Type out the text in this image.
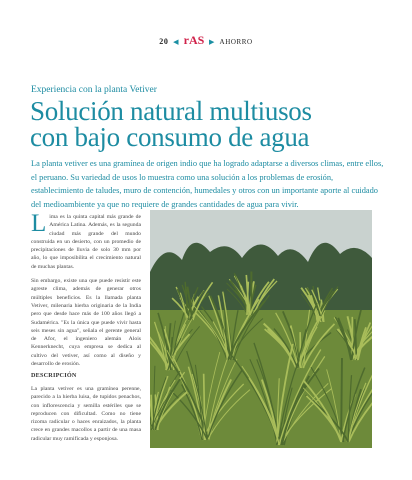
20 ◀ rAS ▶ AHORRO
Experiencia con la planta Vetiver
Solución natural multiusos
con bajo consumo de agua
La planta vetiver es una gramínea de origen indio que ha logrado adaptarse a diversos climas, entre ellos, el peruano. Su variedad de usos lo muestra como una solución a los problemas de erosión, establecimiento de taludes, muro de contención, humedales y otros con un importante aporte al cuidado del medioambiente ya que no requiere de grandes cantidades de agua para vivir.

Lima es la quinta capital más grande de América Latina. Además, es la segunda ciudad más grande del mundo construida en un desierto, con un promedio de precipitaciones de lluvia de solo 30 mm por año, lo que imposibilita el crecimiento natural de muchas plantas.

Sin embargo, existe una que puede resistir este agreste clima, además de generar otros múltiples beneficios. Es la llamada planta Vetiver, milenaria hierba originaria de la India pero que desde hace más de 100 años llegó a Sudamérica. "Es la única que puede vivir hasta seis meses sin agua", señala el gerente general de Afor, el ingeniero alemán Alois Kennerknecht, cuya empresa se dedica al cultivo del vetiver, así como al diseño y desarrollo de erosión.

DESCRIPCIÓN

La planta vetiver es una gramínea perenne, parecido a la hierba luisa, de tupidos penachos, con inflorescencia y semilla estériles que se reproducen con dificultad. Como no tiene rizoma radicular o haces enraizados, la planta crece en grandes macollos a partir de una masa radicular muy ramificada y esponjosa.
